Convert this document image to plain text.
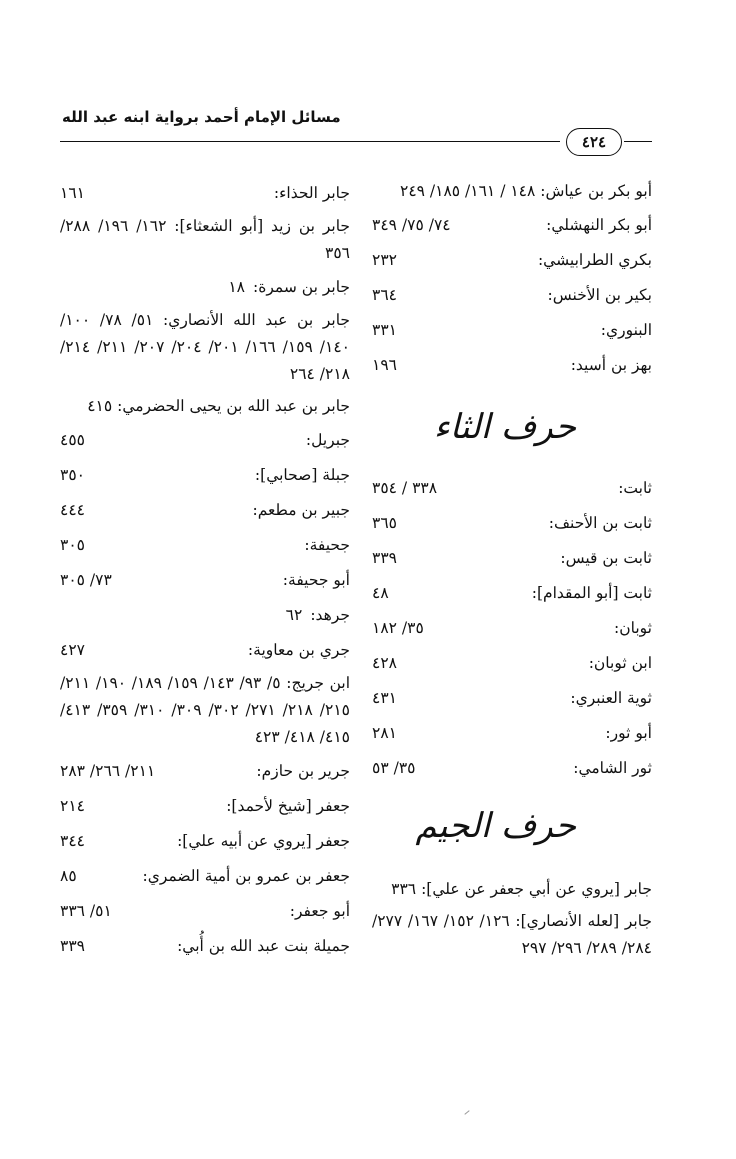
مسائل الإمام أحمد برواية ابنه عبد الله
٤٢٤
أبو بكر بن عياش: ١٤٨ / ١٦١/ ١٨٥/ ٢٤٩
أبو بكر النهشلي:
٧٤/ ٧٥/ ٣٤٩
بكري الطرابيشي:
٢٣٢
بكير بن الأخنس:
٣٦٤
البنوري:
٣٣١
بهز بن أسيد:
١٩٦
حرف الثاء
ثابت:
٣٣٨ / ٣٥٤
ثابت بن الأحنف:
٣٦٥
ثابت بن قيس:
٣٣٩
ثابت [أبو المقدام]:
٤٨
ثوبان:
٣٥/ ١٨٢
ابن ثوبان:
٤٢٨
ثوية العنبري:
٤٣١
أبو ثور:
٢٨١
ثور الشامي:
٣٥/ ٥٣
حرف الجيم
جابر [يروي عن أبي جعفر عن علي]: ٣٣٦
جابر [لعله الأنصاري]: ١٢٦/ ١٥٢/ ١٦٧/ ٢٧٧/ ٢٨٤/ ٢٨٩/ ٢٩٦/ ٢٩٧
جابر الحذاء:
١٦١
جابر بن زيد [أبو الشعثاء]: ١٦٢/ ١٩٦/ ٢٨٨/ ٣٥٦
جابر بن سمرة:١٨
جابر بن عبد الله الأنصاري: ٥١/ ٧٨/ ١٠٠/ ١٤٠/ ١٥٩/ ١٦٦/ ٢٠١/ ٢٠٤/ ٢٠٧/ ٢١١/ ٢١٤/ ٢١٨/ ٢٦٤
جابر بن عبد الله بن يحيى الحضرمي: ٤١٥
جبريل:
٤٥٥
جبلة [صحابي]:
٣٥٠
جبير بن مطعم:
٤٤٤
جحيفة:
٣٠٥
أبو جحيفة:
٧٣/ ٣٠٥
جرهد:٦٢
جري بن معاوية:
٤٢٧
ابن جريج: ٥/ ٩٣/ ١٤٣/ ١٥٩/ ١٨٩/ ١٩٠/ ٢١١/ ٢١٥/ ٢١٨/ ٢٧١/ ٣٠٢/ ٣٠٩/ ٣١٠/ ٣٥٩/ ٤١٣/ ٤١٥/ ٤١٨/ ٤٢٣
جرير بن حازم:
٢١١/ ٢٦٦/ ٢٨٣
جعفر [شيخ لأحمد]:
٢١٤
جعفر [يروي عن أبيه علي]:
٣٤٤
جعفر بن عمرو بن أمية الضمري:
٨٥
أبو جعفر:
٥١/ ٣٣٦
جميلة بنت عبد الله بن أُبي:
٣٣٩
